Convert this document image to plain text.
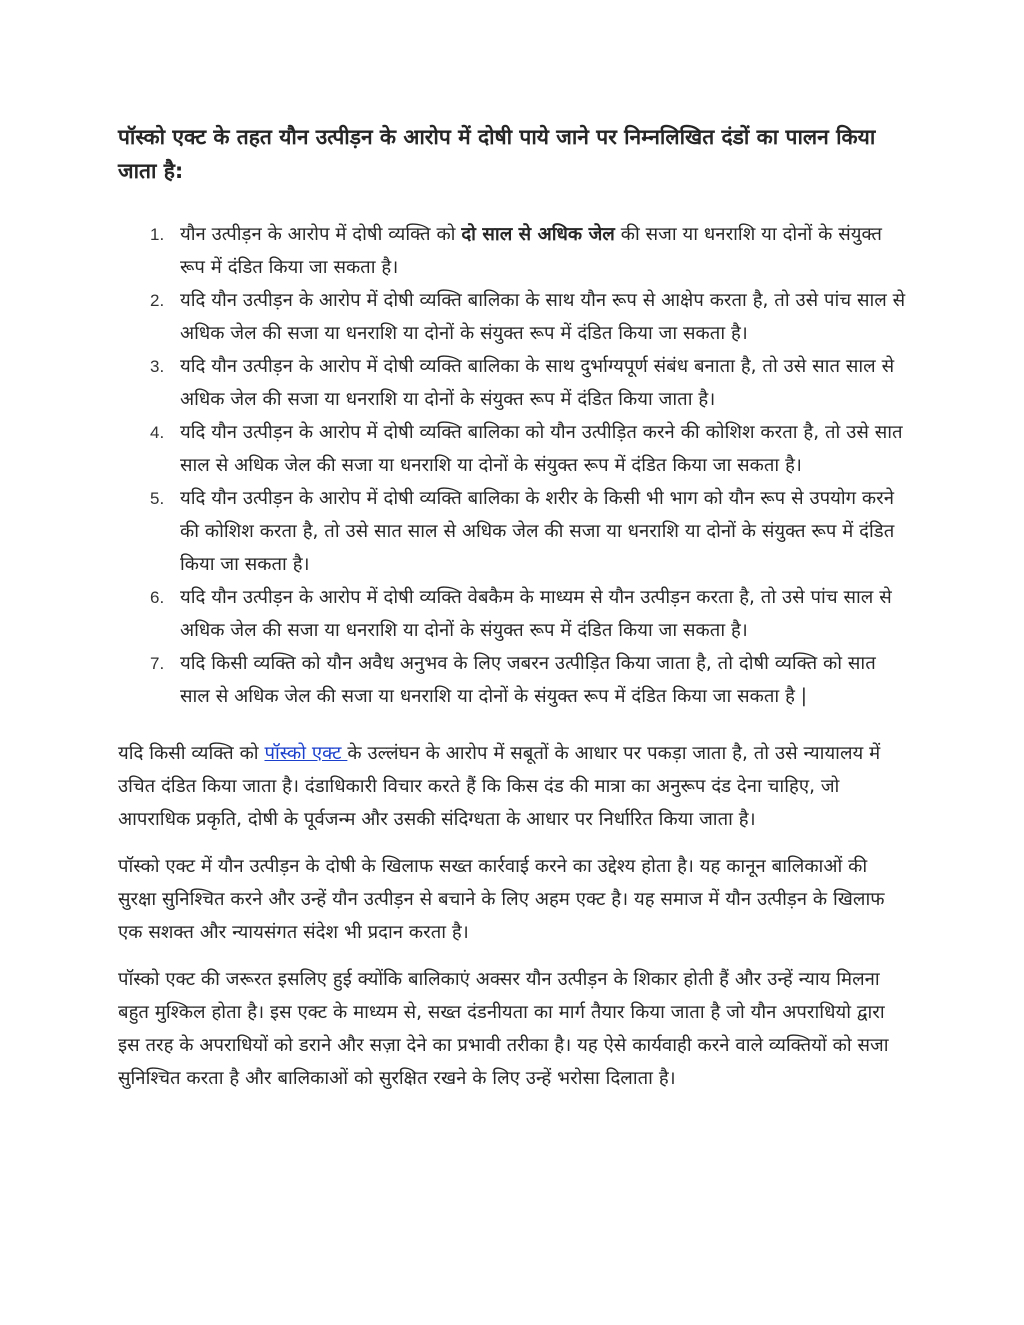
पॉस्को एक्ट के तहत यौन उत्पीड़न के आरोप में दोषी पाये जाने पर निम्नलिखित दंडों का पालन किया जाता है:
1. यौन उत्पीड़न के आरोप में दोषी व्यक्ति को दो साल से अधिक जेल की सजा या धनराशि या दोनों के संयुक्त रूप में दंडित किया जा सकता है।
2. यदि यौन उत्पीड़न के आरोप में दोषी व्यक्ति बालिका के साथ यौन रूप से आक्षेप करता है, तो उसे पांच साल से अधिक जेल की सजा या धनराशि या दोनों के संयुक्त रूप में दंडित किया जा सकता है।
3. यदि यौन उत्पीड़न के आरोप में दोषी व्यक्ति बालिका के साथ दुर्भाग्यपूर्ण संबंध बनाता है, तो उसे सात साल से अधिक जेल की सजा या धनराशि या दोनों के संयुक्त रूप में दंडित किया जाता है।
4. यदि यौन उत्पीड़न के आरोप में दोषी व्यक्ति बालिका को यौन उत्पीड़ित करने की कोशिश करता है, तो उसे सात साल से अधिक जेल की सजा या धनराशि या दोनों के संयुक्त रूप में दंडित किया जा सकता है।
5. यदि यौन उत्पीड़न के आरोप में दोषी व्यक्ति बालिका के शरीर के किसी भी भाग को यौन रूप से उपयोग करने की कोशिश करता है, तो उसे सात साल से अधिक जेल की सजा या धनराशि या दोनों के संयुक्त रूप में दंडित किया जा सकता है।
6. यदि यौन उत्पीड़न के आरोप में दोषी व्यक्ति वेबकैम के माध्यम से यौन उत्पीड़न करता है, तो उसे पांच साल से अधिक जेल की सजा या धनराशि या दोनों के संयुक्त रूप में दंडित किया जा सकता है।
7. यदि किसी व्यक्ति को यौन अवैध अनुभव के लिए जबरन उत्पीड़ित किया जाता है, तो दोषी व्यक्ति को सात साल से अधिक जेल की सजा या धनराशि या दोनों के संयुक्त रूप में दंडित किया जा सकता है |

यदि किसी व्यक्ति को पॉस्को एक्ट के उल्लंघन के आरोप में सबूतों के आधार पर पकड़ा जाता है, तो उसे न्यायालय में उचित दंडित किया जाता है। दंडाधिकारी विचार करते हैं कि किस दंड की मात्रा का अनुरूप दंड देना चाहिए, जो आपराधिक प्रकृति, दोषी के पूर्वजन्म और उसकी संदिग्धता के आधार पर निर्धारित किया जाता है।

पॉस्को एक्ट में यौन उत्पीड़न के दोषी के खिलाफ सख्त कार्रवाई करने का उद्देश्य होता है। यह कानून बालिकाओं की सुरक्षा सुनिश्चित करने और उन्हें यौन उत्पीड़न से बचाने के लिए अहम एक्ट है। यह समाज में यौन उत्पीड़न के खिलाफ एक सशक्त और न्यायसंगत संदेश भी प्रदान करता है।

पॉस्को एक्ट की जरूरत इसलिए हुई क्योंकि बालिकाएं अक्सर यौन उत्पीड़न के शिकार होती हैं और उन्हें न्याय मिलना बहुत मुश्किल होता है। इस एक्ट के माध्यम से, सख्त दंडनीयता का मार्ग तैयार किया जाता है जो यौन अपराधियो द्वारा इस तरह के अपराधियों को डराने और सज़ा देने का प्रभावी तरीका है। यह ऐसे कार्यवाही करने वाले व्यक्तियों को सजा सुनिश्चित करता है और बालिकाओं को सुरक्षित रखने के लिए उन्हें भरोसा दिलाता है।
